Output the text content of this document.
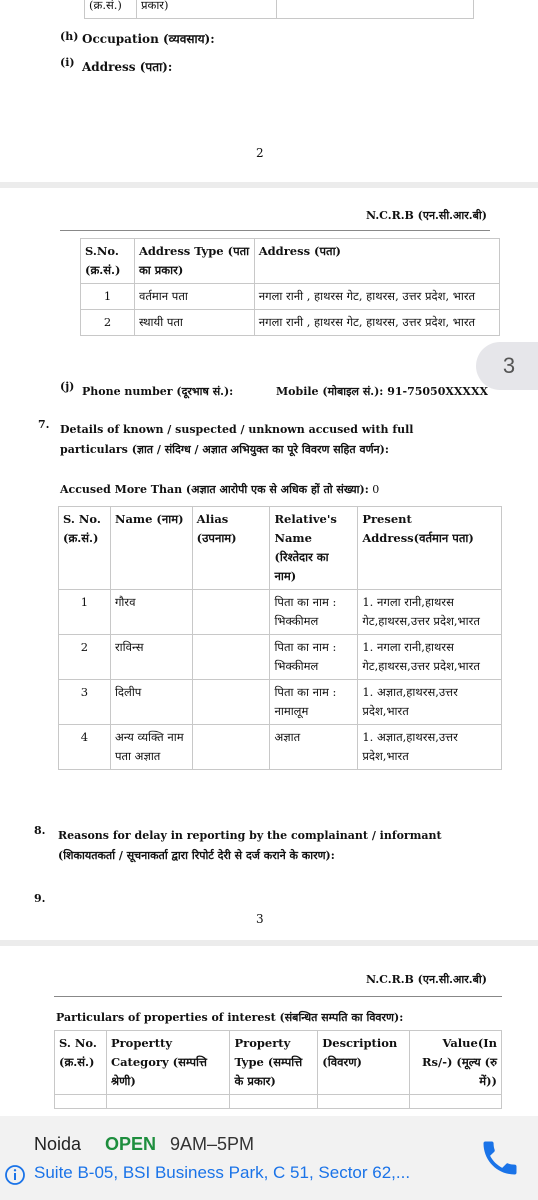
(क्र.सं.)	प्रकार)	
(h) Occupation (व्यवसाय):
(i) Address (पता):
2
N.C.R.B (एन.सी.आर.बी)
S.No. (क्र.सं.)	Address Type (पता का प्रकार)	Address (पता)
1	वर्तमान पता	नगला रानी , हाथरस गेट, हाथरस, उत्तर प्रदेश, भारत
2	स्थायी पता	नगला रानी , हाथरस गेट, हाथरस, उत्तर प्रदेश, भारत
(j) Phone number (दूरभाष सं.):	Mobile (मोबाइल सं.): 91-75050XXXXX
7. Details of known / suspected / unknown accused with full particulars (ज्ञात / संदिग्ध / अज्ञात अभियुक्त का पूरे विवरण सहित वर्णन):
Accused More Than (अज्ञात आरोपी एक से अधिक हों तो संख्या): 0
S. No. (क्र.सं.)	Name (नाम)	Alias (उपनाम)	Relative's Name (रिश्तेदार का नाम)	Present Address(वर्तमान पता)
1	गौरव		पिता का नाम : भिक्कीमल	1. नगला रानी,हाथरस गेट,हाथरस,उत्तर प्रदेश,भारत
2	राविन्स		पिता का नाम : भिक्कीमल	1. नगला रानी,हाथरस गेट,हाथरस,उत्तर प्रदेश,भारत
3	दिलीप		पिता का नाम : नामालूम	1. अज्ञात,हाथरस,उत्तर प्रदेश,भारत
4	अन्य व्यक्ति नाम पता अज्ञात		अज्ञात	1. अज्ञात,हाथरस,उत्तर प्रदेश,भारत
8. Reasons for delay in reporting by the complainant / informant (शिकायतकर्ता / सूचनाकर्ता द्वारा रिपोर्ट देरी से दर्ज कराने के कारण):
9.
3
N.C.R.B (एन.सी.आर.बी)
Particulars of properties of interest (संबन्धित सम्पति का विवरण):
S. No. (क्र.सं.)	Propertty Category (सम्पत्ति श्रेणी)	Property Type (सम्पत्ति के प्रकार)	Description (विवरण)	Value(In Rs/-) (मूल्य (रु में))

3
Noida OPEN 9AM–5PM
Suite B-05, BSI Business Park, C 51, Sector 62,...
